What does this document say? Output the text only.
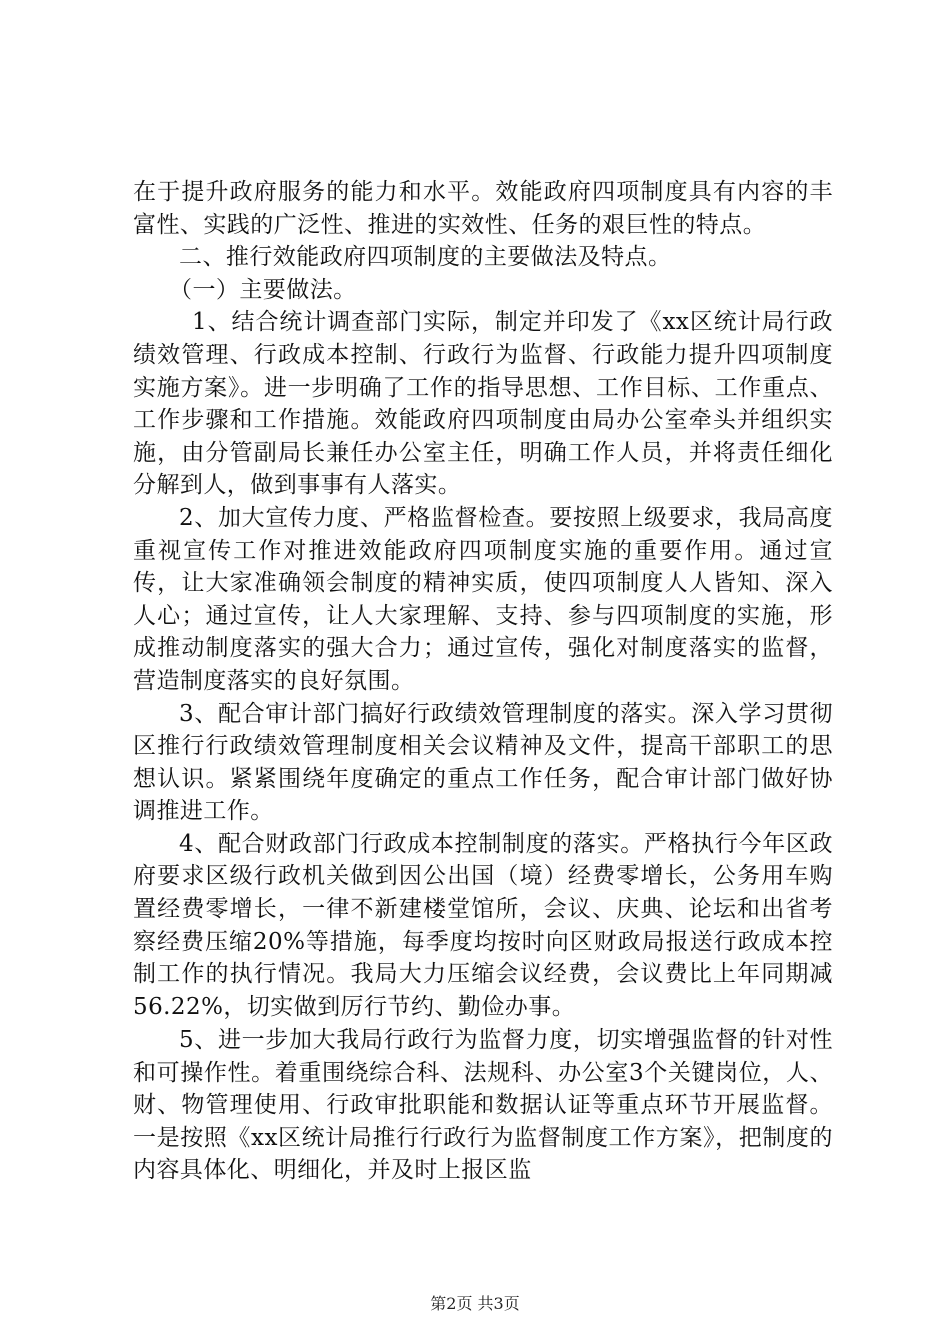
在于提升政府服务的能力和水平。效能政府四项制度具有内容的丰富性、实践的广泛性、推进的实效性、任务的艰巨性的特点。

二、推行效能政府四项制度的主要做法及特点。

（一）主要做法。

1、结合统计调查部门实际，制定并印发了《xx区统计局行政绩效管理、行政成本控制、行政行为监督、行政能力提升四项制度实施方案》。进一步明确了工作的指导思想、工作目标、工作重点、工作步骤和工作措施。效能政府四项制度由局办公室牵头并组织实施，由分管副局长兼任办公室主任，明确工作人员，并将责任细化分解到人，做到事事有人落实。

2、加大宣传力度、严格监督检查。要按照上级要求，我局高度重视宣传工作对推进效能政府四项制度实施的重要作用。通过宣传，让大家准确领会制度的精神实质，使四项制度人人皆知、深入人心；通过宣传，让人大家理解、支持、参与四项制度的实施，形成推动制度落实的强大合力；通过宣传，强化对制度落实的监督，营造制度落实的良好氛围。

3、配合审计部门搞好行政绩效管理制度的落实。深入学习贯彻区推行行政绩效管理制度相关会议精神及文件，提高干部职工的思想认识。紧紧围绕年度确定的重点工作任务，配合审计部门做好协调推进工作。

4、配合财政部门行政成本控制制度的落实。严格执行今年区政府要求区级行政机关做到因公出国（境）经费零增长，公务用车购置经费零增长，一律不新建楼堂馆所，会议、庆典、论坛和出省考察经费压缩20%等措施，每季度均按时向区财政局报送行政成本控制工作的执行情况。我局大力压缩会议经费，会议费比上年同期减56.22%，切实做到厉行节约、勤俭办事。

5、进一步加大我局行政行为监督力度，切实增强监督的针对性和可操作性。着重围绕综合科、法规科、办公室3个关键岗位，人、财、物管理使用、行政审批职能和数据认证等重点环节开展监督。一是按照《xx区统计局推行行政行为监督制度工作方案》，把制度的内容具体化、明细化，并及时上报区监

第2页 共3页
